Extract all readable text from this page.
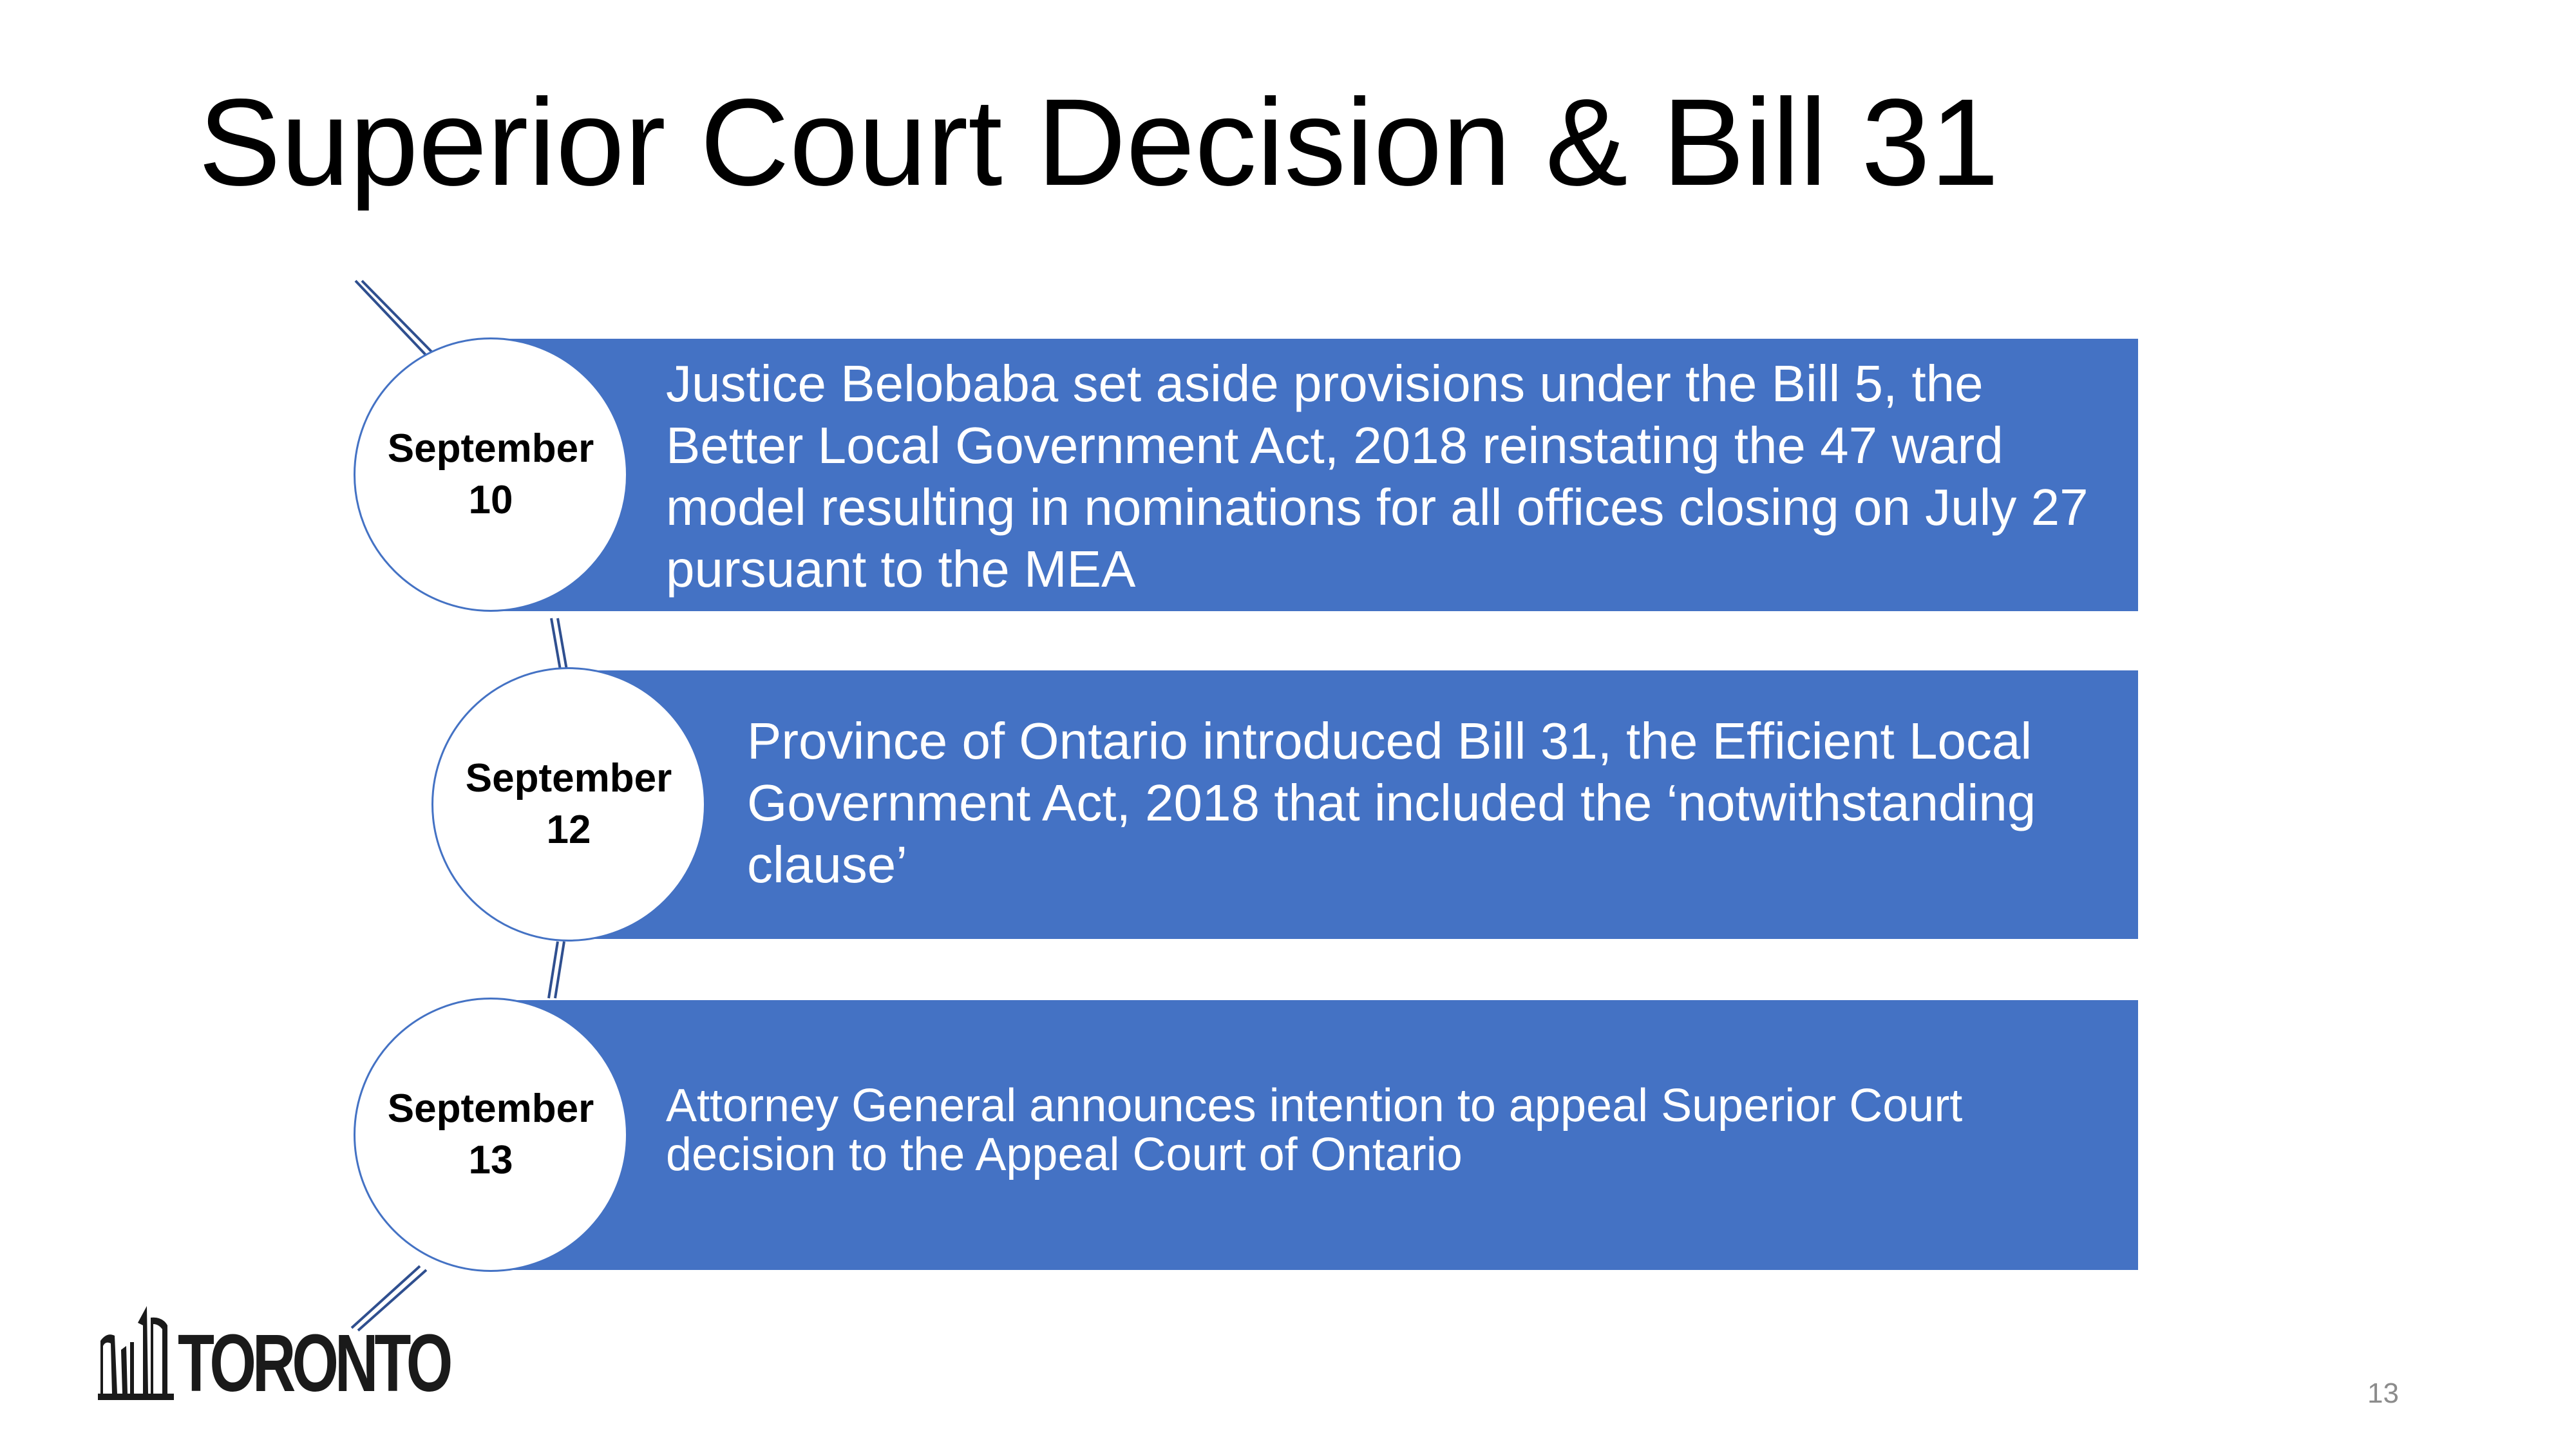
Superior Court Decision & Bill 31
Justice Belobaba set aside provisions under the Bill 5, the Better Local Government Act, 2018 reinstating the 47 ward model resulting in nominations for all offices closing on July 27 pursuant to the MEA
Province of Ontario introduced Bill 31, the Efficient Local Government Act, 2018 that included the ‘notwithstanding clause’
Attorney General announces intention to appeal Superior Court decision to the Appeal Court of Ontario
September
10
September
12
September
13
TORONTO	13
